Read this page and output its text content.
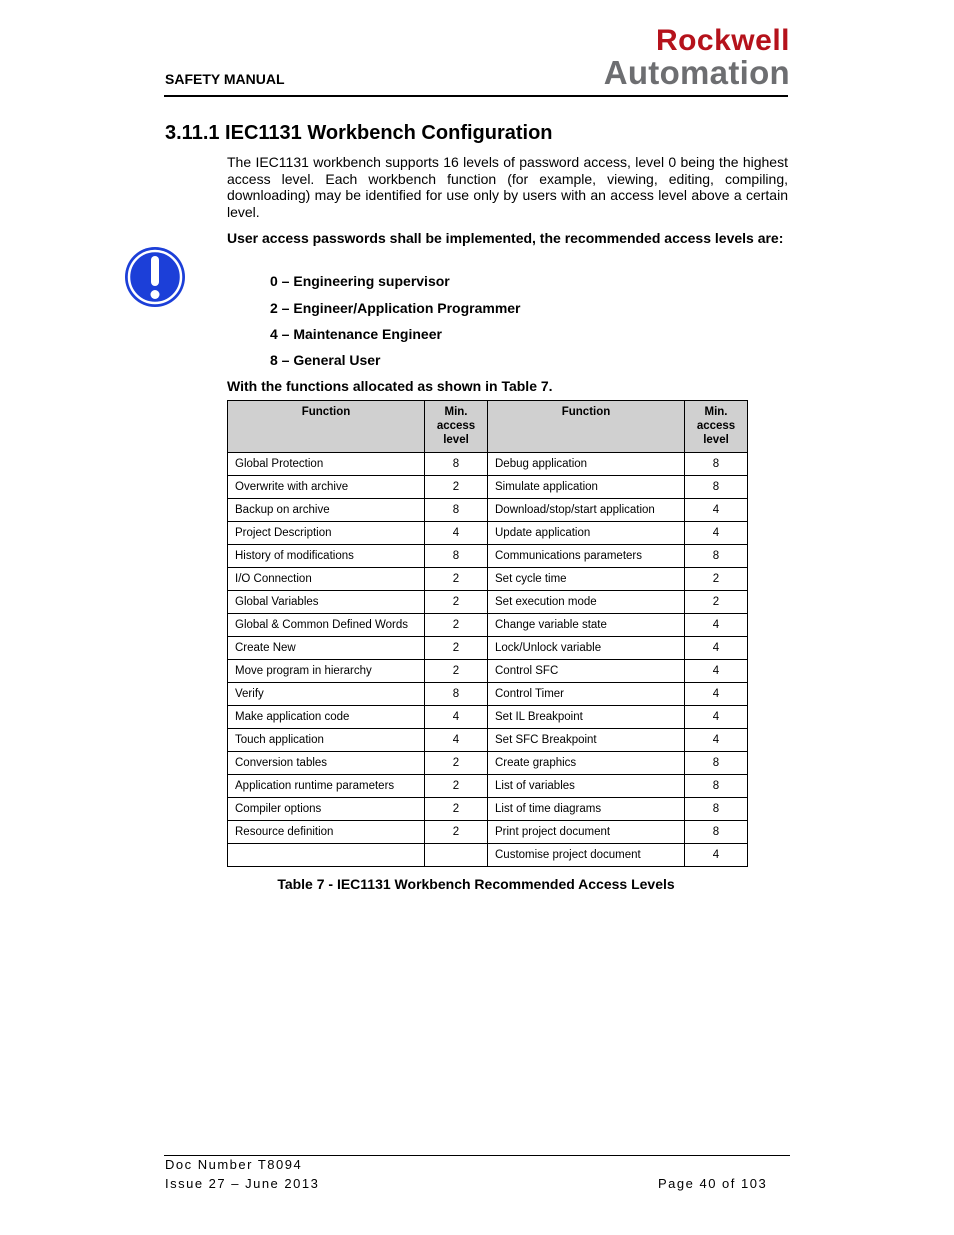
SAFETY MANUAL
Rockwell
Automation
3.11.1 IEC1131 Workbench Configuration
The IEC1131 workbench supports 16 levels of password access, level 0 being the highest access level. Each workbench function (for example, viewing, editing, compiling, downloading) may be identified for use only by users with an access level above a certain level.
User access passwords shall be implemented, the recommended access levels are:
0 – Engineering supervisor
2 – Engineer/Application Programmer
4 – Maintenance Engineer
8 – General User
With the functions allocated as shown in Table 7.
Function	Min. access level	Function	Min. access level
Global Protection	8	Debug application	8
Overwrite with archive	2	Simulate application	8
Backup on archive	8	Download/stop/start application	4
Project Description	4	Update application	4
History of modifications	8	Communications parameters	8
I/O Connection	2	Set cycle time	2
Global Variables	2	Set execution mode	2
Global & Common Defined Words	2	Change variable state	4
Create New	2	Lock/Unlock variable	4
Move program in hierarchy	2	Control SFC	4
Verify	8	Control Timer	4
Make application code	4	Set IL Breakpoint	4
Touch application	4	Set SFC Breakpoint	4
Conversion tables	2	Create graphics	8
Application runtime parameters	2	List of variables	8
Compiler options	2	List of time diagrams	8
Resource definition	2	Print project document	8
		Customise project document	4
Table 7 - IEC1131 Workbench Recommended Access Levels
Doc Number T8094
Issue 27 – June 2013	Page 40 of 103
